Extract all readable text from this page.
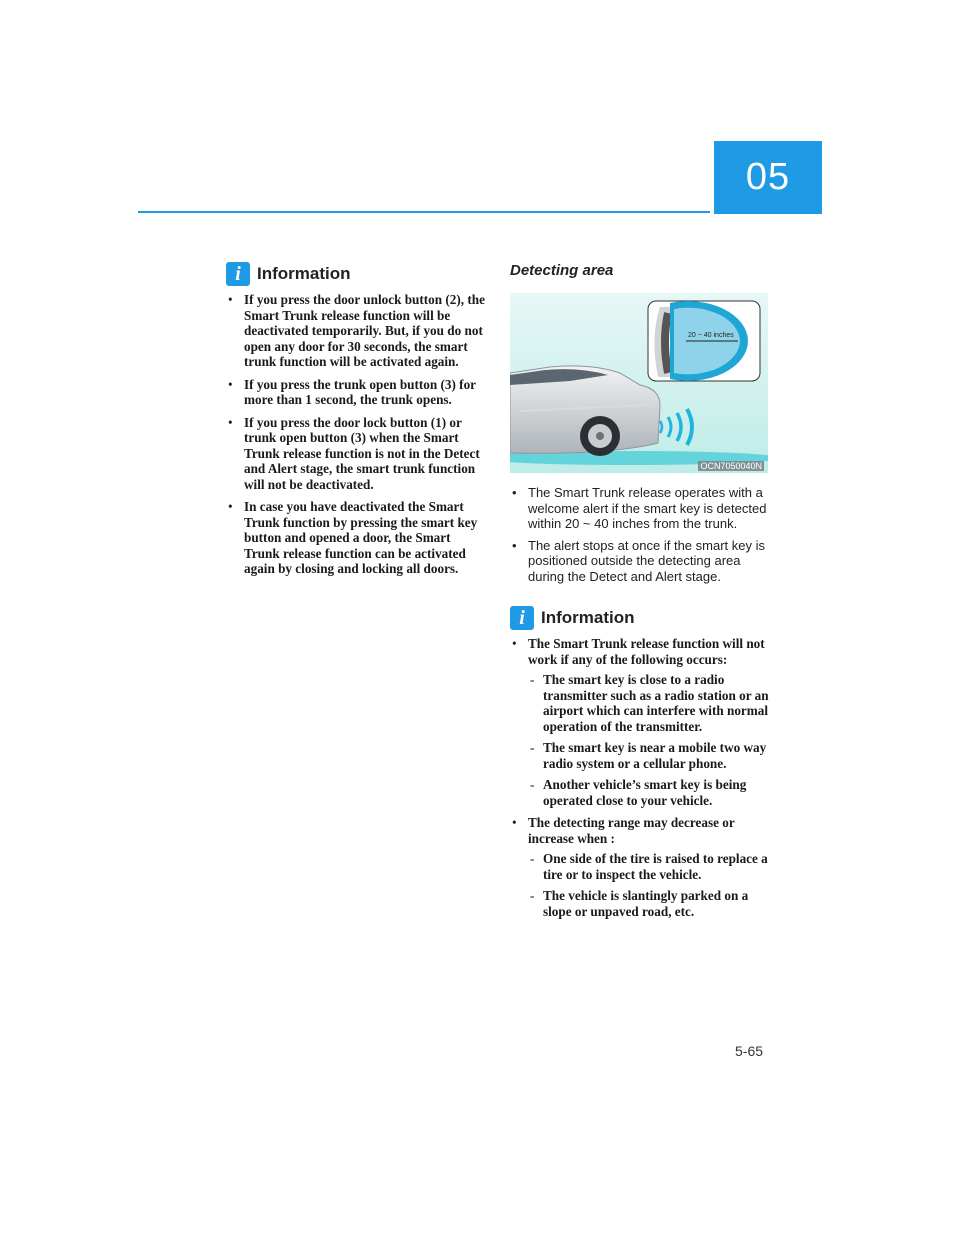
05
i Information
• If you press the door unlock button (2), the Smart Trunk release function will be deactivated temporarily. But, if you do not open any door for 30 seconds, the smart trunk function will be activated again.
• If you press the trunk open button (3) for more than 1 second, the trunk opens.
• If you press the door lock button (1) or trunk open button (3) when the Smart Trunk release function is not in the Detect and Alert stage, the smart trunk function will not be deactivated.
• In case you have deactivated the Smart Trunk function by pressing the smart key button and opened a door, the Smart Trunk release function can be activated again by closing and locking all doors.
Detecting area
20 ~ 40 inches
OCN7050040N
• The Smart Trunk release operates with a welcome alert if the smart key is detected within 20 ~ 40 inches from the trunk.
• The alert stops at once if the smart key is positioned outside the detecting area during the Detect and Alert stage.
i Information
• The Smart Trunk release function will not work if any of the following occurs:
- The smart key is close to a radio transmitter such as a radio station or an airport which can interfere with normal operation of the transmitter.
- The smart key is near a mobile two way radio system or a cellular phone.
- Another vehicle’s smart key is being operated close to your vehicle.
• The detecting range may decrease or increase when :
- One side of the tire is raised to replace a tire or to inspect the vehicle.
- The vehicle is slantingly parked on a slope or unpaved road, etc.
5-65
